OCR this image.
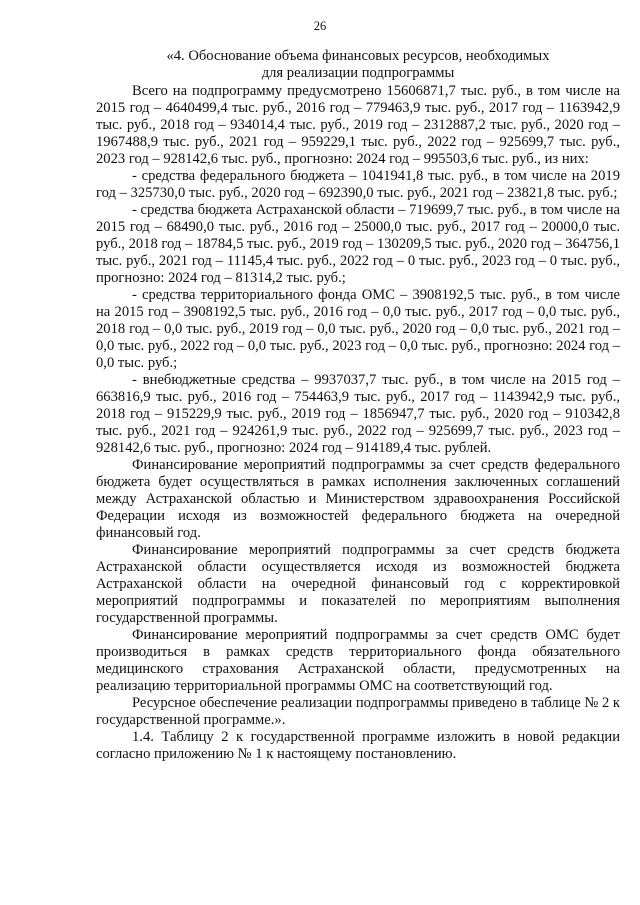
26
«4. Обоснование объема финансовых ресурсов, необходимых
для реализации подпрограммы

Всего на подпрограмму предусмотрено 15606871,7 тыс. руб., в том числе на 2015 год – 4640499,4 тыс. руб., 2016 год – 779463,9 тыс. руб., 2017 год – 1163942,9 тыс. руб., 2018 год – 934014,4 тыс. руб., 2019 год – 2312887,2 тыс. руб., 2020 год – 1967488,9 тыс. руб., 2021 год – 959229,1 тыс. руб., 2022 год – 925699,7 тыс. руб., 2023 год – 928142,6 тыс. руб., прогнозно: 2024 год – 995503,6 тыс. руб., из них:

- средства федерального бюджета – 1041941,8 тыс. руб., в том числе на 2019 год – 325730,0 тыс. руб., 2020 год – 692390,0 тыс. руб., 2021 год – 23821,8 тыс. руб.;

- средства бюджета Астраханской области – 719699,7 тыс. руб., в том числе на 2015 год – 68490,0 тыс. руб., 2016 год – 25000,0 тыс. руб., 2017 год – 20000,0 тыс. руб., 2018 год – 18784,5 тыс. руб., 2019 год – 130209,5 тыс. руб., 2020 год – 364756,1 тыс. руб., 2021 год – 11145,4 тыс. руб., 2022 год – 0 тыс. руб., 2023 год – 0 тыс. руб., прогнозно: 2024 год – 81314,2 тыс. руб.;

- средства территориального фонда ОМС – 3908192,5 тыс. руб., в том числе на 2015 год – 3908192,5 тыс. руб., 2016 год – 0,0 тыс. руб., 2017 год – 0,0 тыс. руб., 2018 год – 0,0 тыс. руб., 2019 год – 0,0 тыс. руб., 2020 год – 0,0 тыс. руб., 2021 год – 0,0 тыс. руб., 2022 год – 0,0 тыс. руб., 2023 год – 0,0 тыс. руб., прогнозно: 2024 год – 0,0 тыс. руб.;

- внебюджетные средства – 9937037,7 тыс. руб., в том числе на 2015 год – 663816,9 тыс. руб., 2016 год – 754463,9 тыс. руб., 2017 год – 1143942,9 тыс. руб., 2018 год – 915229,9 тыс. руб., 2019 год – 1856947,7 тыс. руб., 2020 год – 910342,8 тыс. руб., 2021 год – 924261,9 тыс. руб., 2022 год – 925699,7 тыс. руб., 2023 год – 928142,6 тыс. руб., прогнозно: 2024 год – 914189,4 тыс. рублей.

Финансирование мероприятий подпрограммы за счет средств федерального бюджета будет осуществляться в рамках исполнения заключенных соглашений между Астраханской областью и Министерством здравоохранения Российской Федерации исходя из возможностей федерального бюджета на очередной финансовый год.

Финансирование мероприятий подпрограммы за счет средств бюджета Астраханской области осуществляется исходя из возможностей бюджета Астраханской области на очередной финансовый год с корректировкой мероприятий подпрограммы и показателей по мероприятиям выполнения государственной программы.

Финансирование мероприятий подпрограммы за счет средств ОМС будет производиться в рамках средств территориального фонда обязательного медицинского страхования Астраханской области, предусмотренных на реализацию территориальной программы ОМС на соответствующий год.

Ресурсное обеспечение реализации подпрограммы приведено в таблице № 2 к государственной программе.».

1.4. Таблицу 2 к государственной программе изложить в новой редакции согласно приложению № 1 к настоящему постановлению.
